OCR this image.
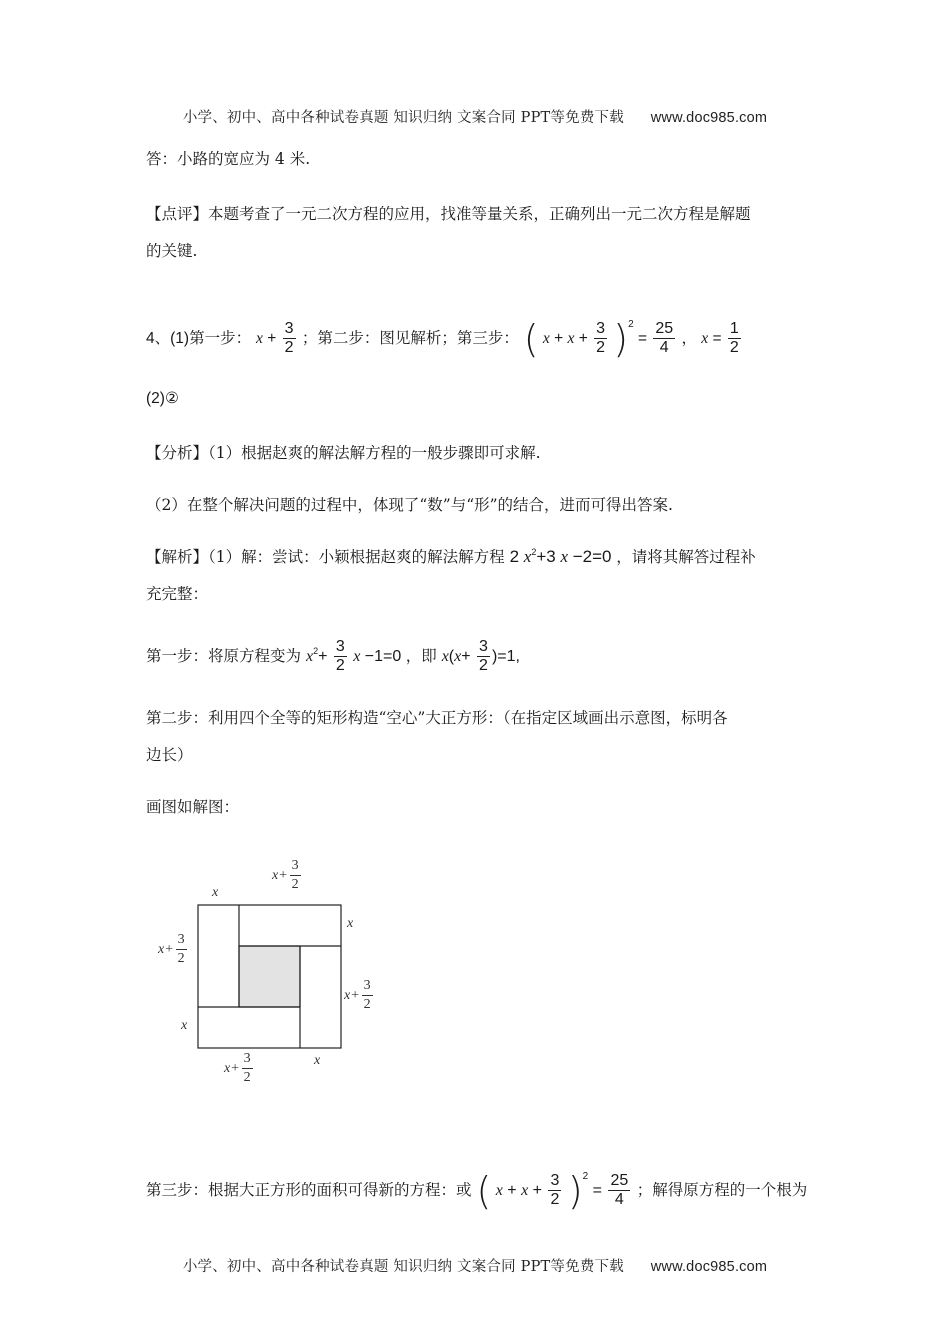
小学、初中、高中各种试卷真题 知识归纳 文案合同 PPT等免费下载 www.doc985.com
答：小路的宽应为 4 米.
【点评】本题考查了一元二次方程的应用，找准等量关系，正确列出一元二次方程是解题
的关键.
4、(1)第一步： $x + \frac{3}{2}$ ；第二步：图见解析；第三步： ( $x + x + \frac{3}{2} )^2 = \frac{25}{4}$ ， $x = \frac{1}{2}$
(2)②
【分析】（1）根据赵爽的解法解方程的一般步骤即可求解.
（2）在整个解决问题的过程中，体现了“数”与“形”的结合，进而可得出答案.
【解析】（1）解：尝试：小颖根据赵爽的解法解方程 2 $x^2+3$ x −2=0 ，请将其解答过程补
充完整：
第一步：将原方程变为 $x^2+ \frac{3}{2}$ x −1=0 ，即 $x(x+ \frac{3}{2} )=1$,
第二步：利用四个全等的矩形构造“空心”大正方形：（在指定区域画出示意图，标明各
边长）
画图如解图：
x
$x+ \frac{3}{2}$
x
$x+ \frac{3}{2}$
$x+ \frac{3}{2}$
x
$x+ \frac{3}{2}$	x
第三步：根据大正方形的面积可得新的方程：或 ( $x + x + \frac{3}{2} )^2 = \frac{25}{4}$ ；解得原方程的一个根为
小学、初中、高中各种试卷真题 知识归纳 文案合同 PPT等免费下载 www.doc985.com
